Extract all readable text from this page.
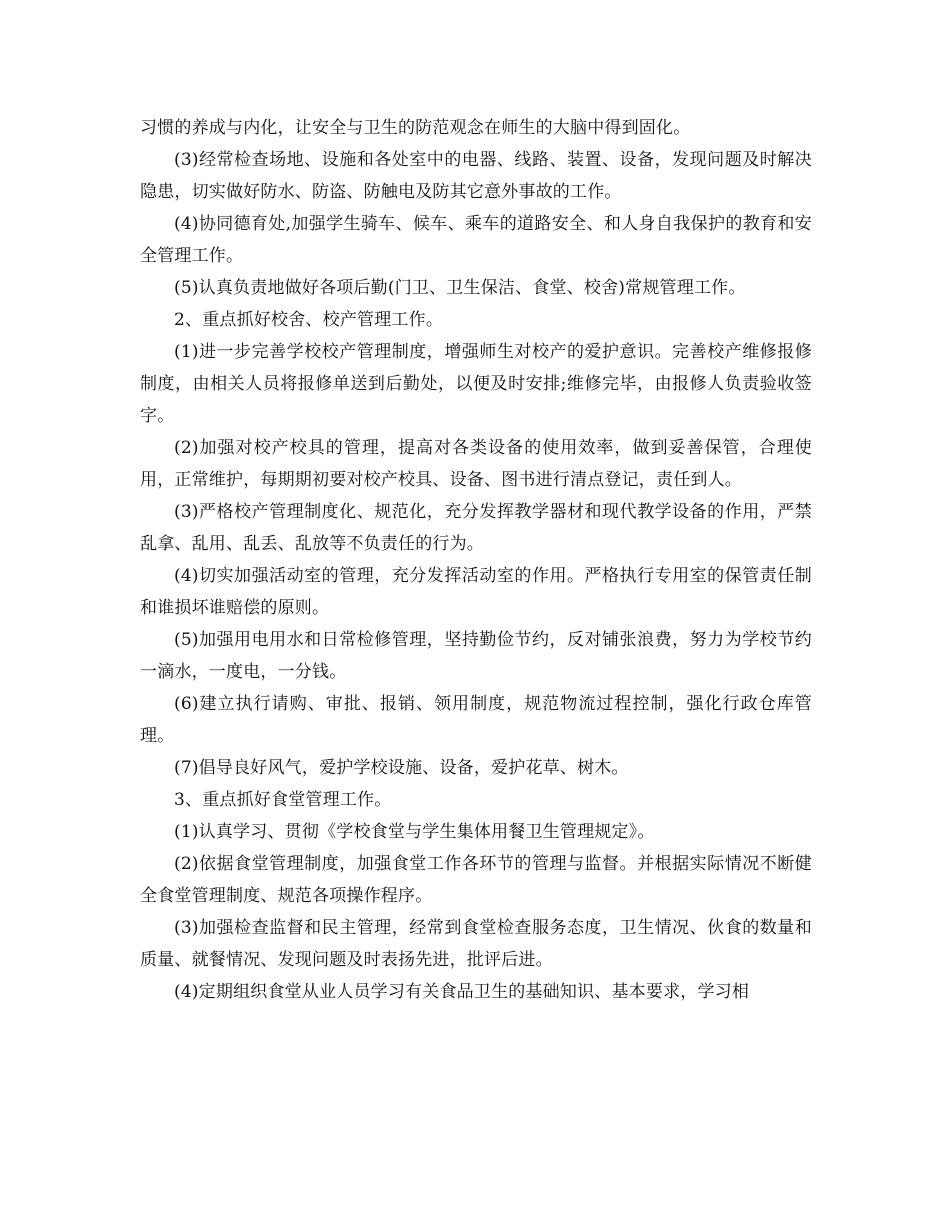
习惯的养成与内化，让安全与卫生的防范观念在师生的大脑中得到固化。

(3)经常检查场地、设施和各处室中的电器、线路、装置、设备，发现问题及时解决隐患，切实做好防水、防盗、防触电及防其它意外事故的工作。

(4)协同德育处,加强学生骑车、候车、乘车的道路安全、和人身自我保护的教育和安全管理工作。

(5)认真负责地做好各项后勤(门卫、卫生保洁、食堂、校舍)常规管理工作。

2、重点抓好校舍、校产管理工作。

(1)进一步完善学校校产管理制度，增强师生对校产的爱护意识。完善校产维修报修制度，由相关人员将报修单送到后勤处，以便及时安排;维修完毕，由报修人负责验收签字。

(2)加强对校产校具的管理，提高对各类设备的使用效率，做到妥善保管，合理使用，正常维护，每期期初要对校产校具、设备、图书进行清点登记，责任到人。

(3)严格校产管理制度化、规范化，充分发挥教学器材和现代教学设备的作用，严禁乱拿、乱用、乱丢、乱放等不负责任的行为。

(4)切实加强活动室的管理，充分发挥活动室的作用。严格执行专用室的保管责任制和谁损坏谁赔偿的原则。

(5)加强用电用水和日常检修管理，坚持勤俭节约，反对铺张浪费，努力为学校节约一滴水，一度电，一分钱。

(6)建立执行请购、审批、报销、领用制度，规范物流过程控制，强化行政仓库管理。

(7)倡导良好风气，爱护学校设施、设备，爱护花草、树木。

3、重点抓好食堂管理工作。

(1)认真学习、贯彻《学校食堂与学生集体用餐卫生管理规定》。

(2)依据食堂管理制度，加强食堂工作各环节的管理与监督。并根据实际情况不断健全食堂管理制度、规范各项操作程序。

(3)加强检查监督和民主管理，经常到食堂检查服务态度，卫生情况、伙食的数量和质量、就餐情况、发现问题及时表扬先进，批评后进。

(4)定期组织食堂从业人员学习有关食品卫生的基础知识、基本要求，学习相
